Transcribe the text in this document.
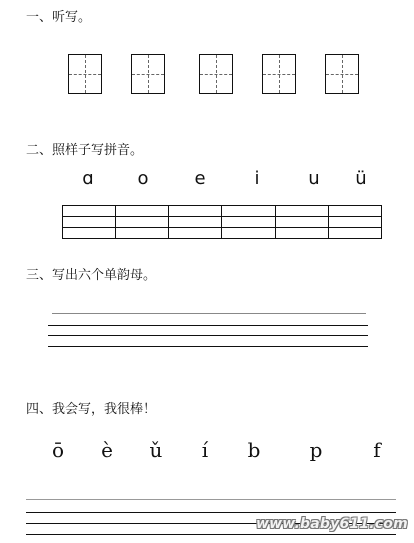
一、听写。
二、照样子写拼音。
ɑ	o	e	i	u	ü

三、写出六个单韵母。
四、我会写，我很棒！
ō	è	ǔ	í	b	p	f
www.baby611.com
